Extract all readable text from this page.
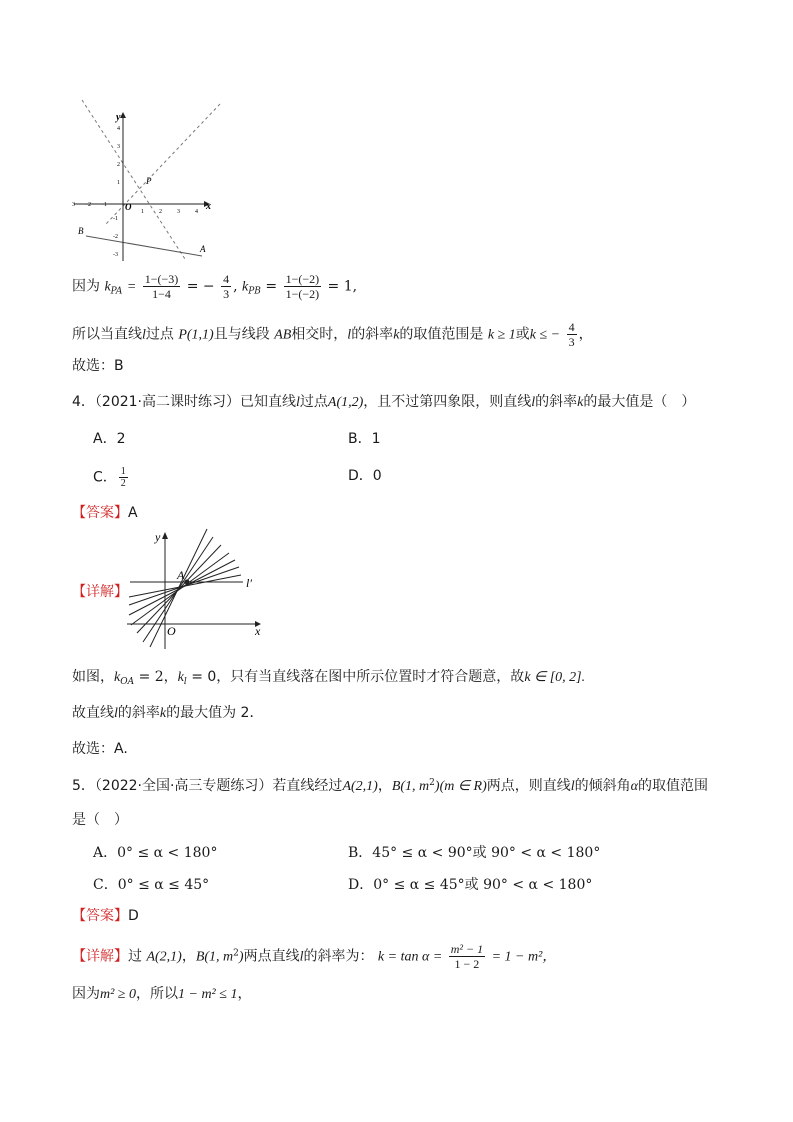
x
y
O
P
B
A
3 -2 -1
1	2	3	4
4
3
2
1
-1
-2
-3
因为 $k_{PA} = \frac{1-(-3)}{1-4}$ = − $\frac{4}{3}$ , $k_{PB} = \frac{1-(-2)}{1-(-2)} = 1$,
所以当直线l过点 P(1,1)且与线段 AB相交时，l的斜率k的取值范围是 k ≥ 1或k ≤ − $\frac{4}{3}$ ，
故选：B
4．（2021·高二课时练习）已知直线l过点A(1,2)，且不过第四象限，则直线l的斜率k的最大值是（　）
A．2	B．1
C． $\frac{1}{2}$	D．0
【答案】A
【详解】
A
y
x
O
l′
如图，$k_{OA} = 2$，$k_l = 0$，只有当直线落在图中所示位置时才符合题意，故k ∈ [0, 2].
故直线l的斜率k的最大值为 2．
故选：A.
5．（2022·全国·高三专题练习）若直线经过A(2,1)，B(1, $m^2)(m$ ∈ R)两点，则直线l的倾斜角α的取值范围
是（　）
A．0° ≤ α < 180°	B．45° ≤ α < 90°或 90° < α < 180°
C．0° ≤ α ≤ 45°	D．0° ≤ α ≤ 45°或 90° < α < 180°
【答案】D
【详解】过 A(2,1)，B(1, $m^2$)两点直线l的斜率为： $k = \tan \alpha = \frac{\text{m² − 1}}{1 - 2} = 1 - m^2$，
因为m² ≥ 0，所以1 − m² ≤ 1，
